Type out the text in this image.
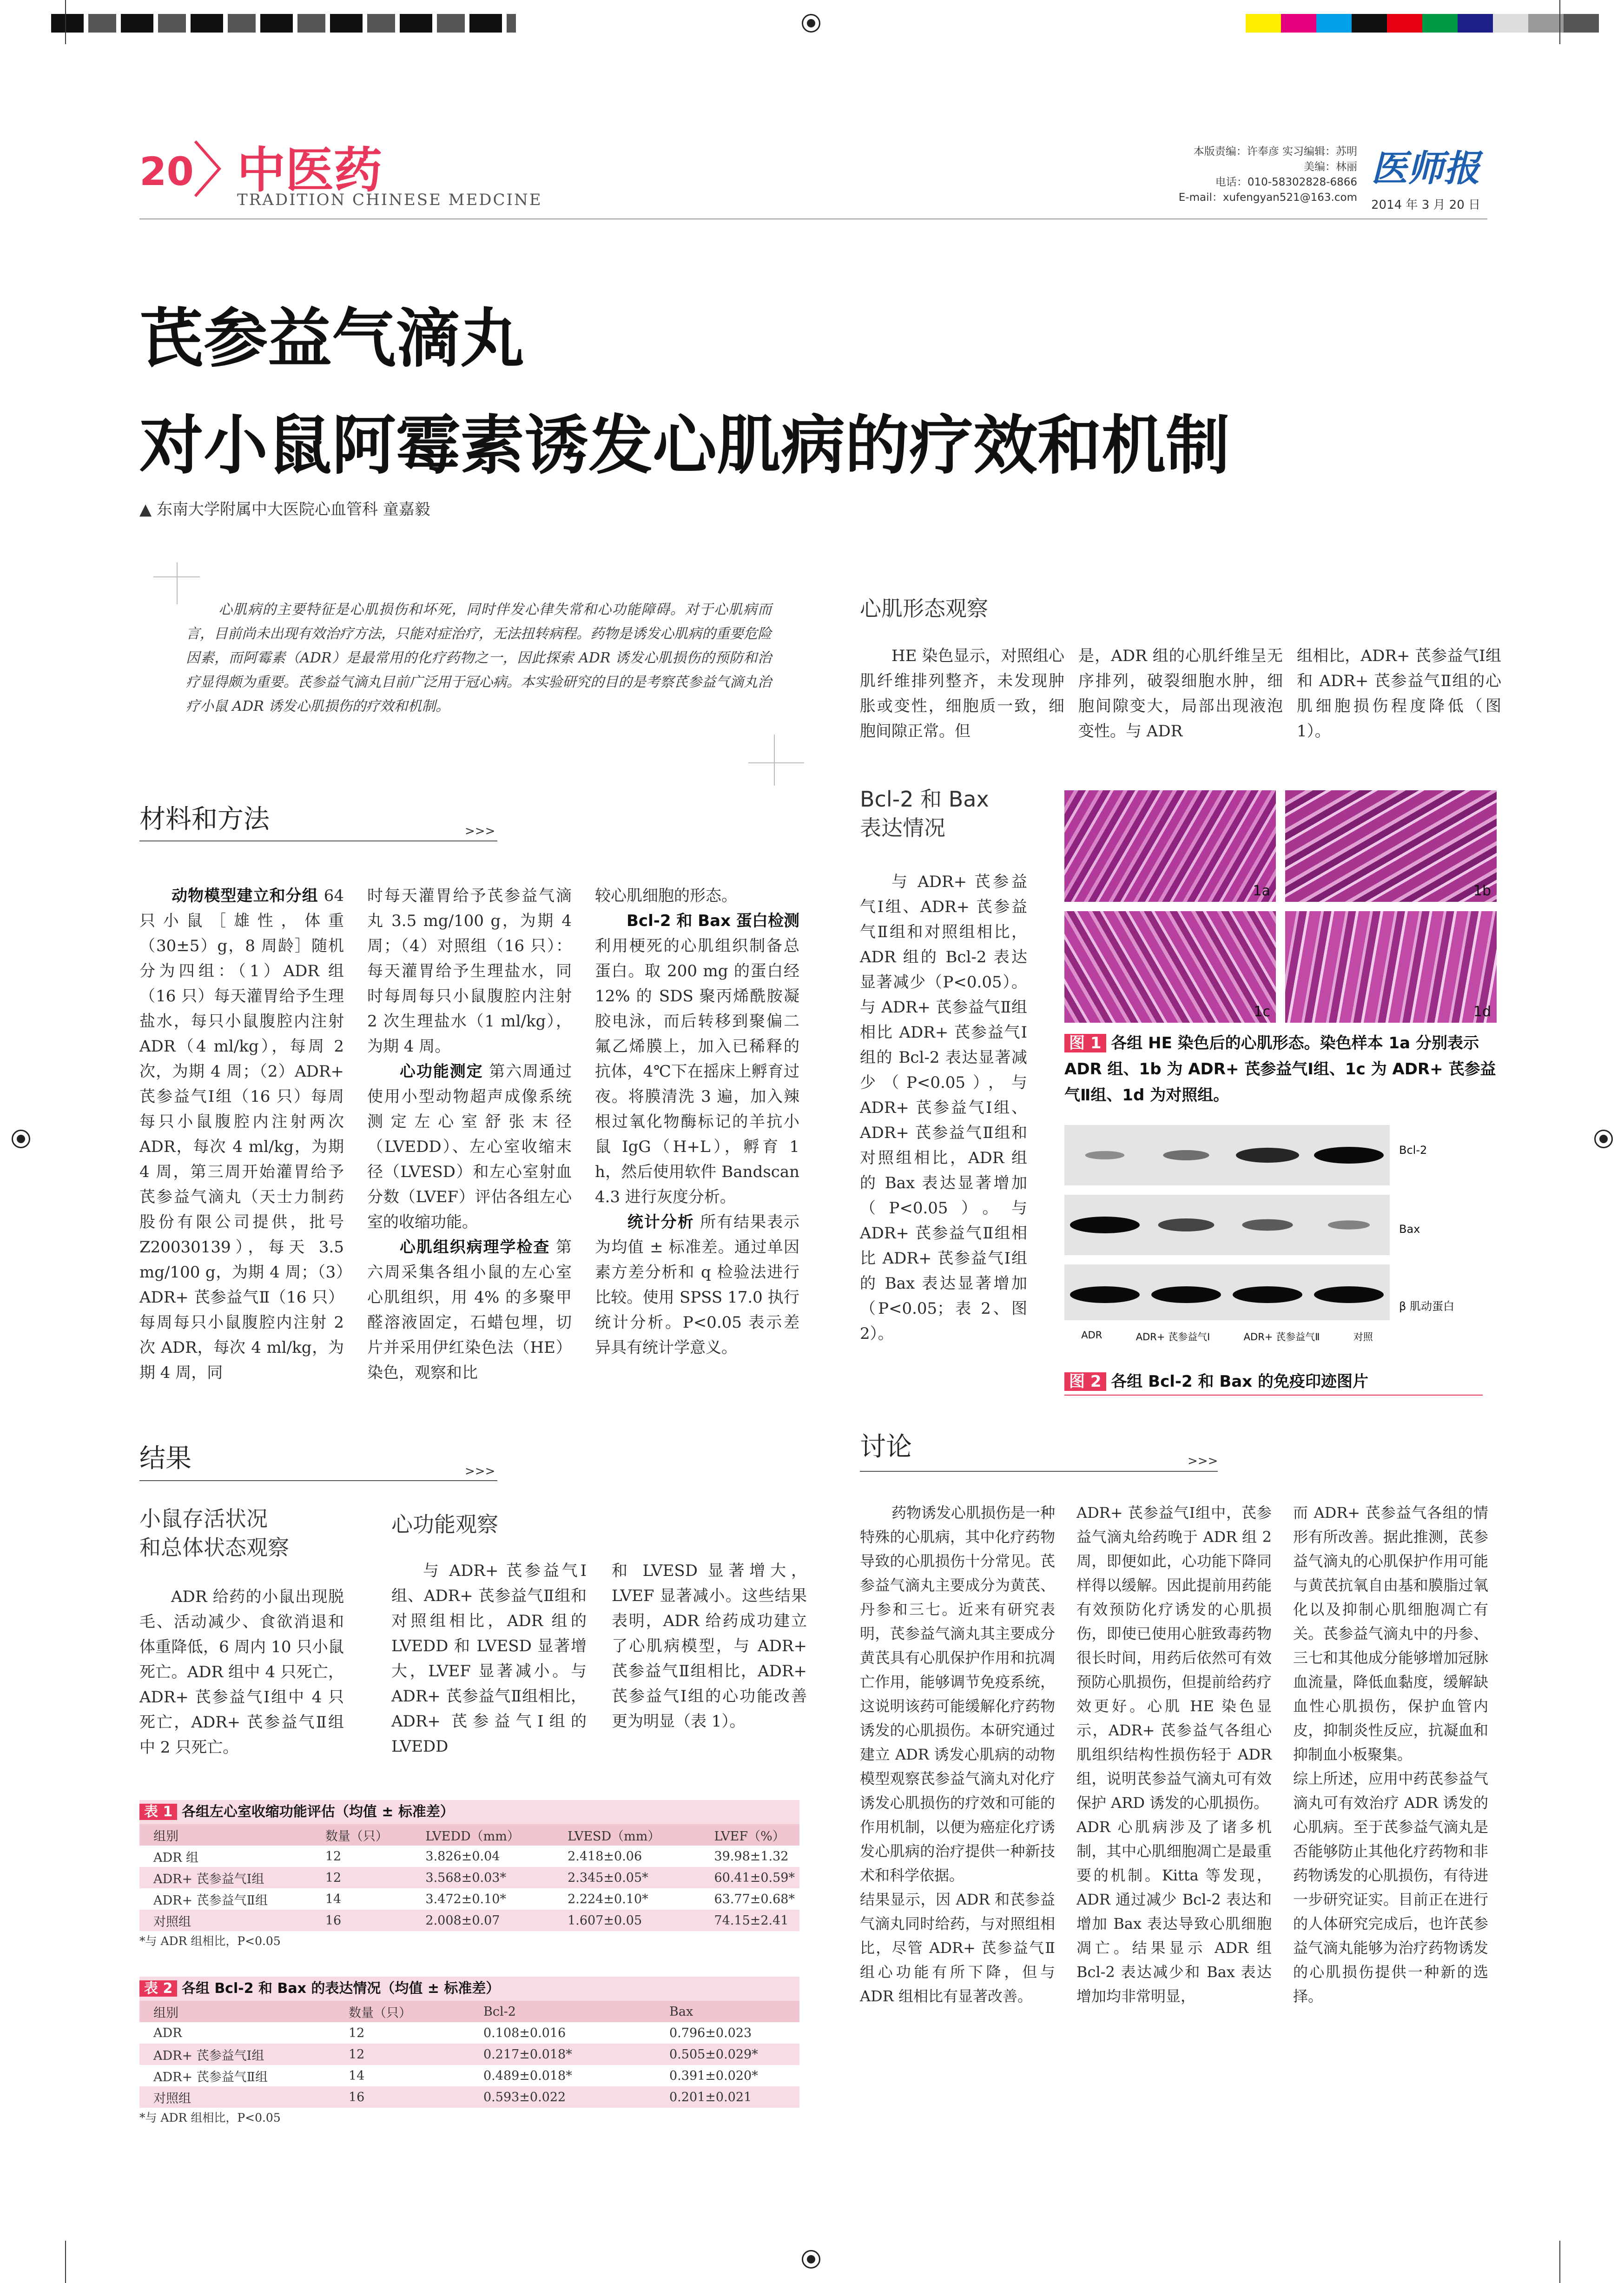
20 中医药
TRADITION CHINESE MEDCINE
本版责编：许奉彦 实习编辑：苏明
美编：林丽
电话：010-58302828-6866
E-mail：xufengyan521@163.com
医师报
2014 年 3 月 20 日
芪参益气滴丸
对小鼠阿霉素诱发心肌病的疗效和机制
▲ 东南大学附属中大医院心血管科 童嘉毅
心肌病的主要特征是心肌损伤和坏死，同时伴发心律失常和心功能障碍。对于心肌病而言，目前尚未出现有效治疗方法，只能对症治疗，无法扭转病程。药物是诱发心肌病的重要危险因素，而阿霉素（ADR）是最常用的化疗药物之一，因此探索 ADR 诱发心肌损伤的预防和治疗显得颇为重要。芪参益气滴丸目前广泛用于冠心病。本实验研究的目的是考察芪参益气滴丸治疗小鼠 ADR 诱发心肌损伤的疗效和机制。
材料和方法	>>>
动物模型建立和分组 64 只小鼠［雄性，体重（30±5）g，8 周龄］随机分为四组：（1）ADR 组（16 只）每天灌胃给予生理盐水，每只小鼠腹腔内注射 ADR（4 ml/kg），每周 2 次，为期 4 周；（2）ADR+ 芪参益气Ⅰ组（16 只）每周每只小鼠腹腔内注射两次 ADR，每次 4 ml/kg，为期 4 周，第三周开始灌胃给予芪参益气滴丸（天士力制药股份有限公司提供，批号 Z20030139），每天 3.5 mg/100 g，为期 4 周；（3）ADR+ 芪参益气Ⅱ（16 只）每周每只小鼠腹腔内注射 2 次 ADR，每次 4 ml/kg，为期 4 周，同
时每天灌胃给予芪参益气滴丸 3.5 mg/100 g，为期 4 周；（4）对照组（16 只）：每天灌胃给予生理盐水，同时每周每只小鼠腹腔内注射 2 次生理盐水（1 ml/kg），为期 4 周。
心功能测定 第六周通过使用小型动物超声成像系统测定左心室舒张末径（LVEDD）、左心室收缩末径（LVESD）和左心室射血分数（LVEF）评估各组左心室的收缩功能。
心肌组织病理学检查 第六周采集各组小鼠的左心室心肌组织，用 4% 的多聚甲醛溶液固定，石蜡包埋，切片并采用伊红染色法（HE）染色，观察和比
较心肌细胞的形态。
Bcl-2 和 Bax 蛋白检测 利用梗死的心肌组织制备总蛋白。取 200 mg 的蛋白经 12% 的 SDS 聚丙烯酰胺凝胶电泳，而后转移到聚偏二氟乙烯膜上，加入已稀释的抗体，4℃下在摇床上孵育过夜。将膜清洗 3 遍，加入辣根过氧化物酶标记的羊抗小鼠 IgG（H+L），孵育 1 h，然后使用软件 Bandscan 4.3 进行灰度分析。
统计分析 所有结果表示为均值 ± 标准差。通过单因素方差分析和 q 检验法进行比较。使用 SPSS 17.0 执行统计分析。P<0.05 表示差异具有统计学意义。
心肌形态观察
HE 染色显示，对照组心肌纤维排列整齐，未发现肿胀或变性，细胞质一致，细胞间隙正常。但
是，ADR 组的心肌纤维呈无序排列，破裂细胞水肿，细胞间隙变大，局部出现液泡变性。与 ADR
组相比，ADR+ 芪参益气Ⅰ组和 ADR+ 芪参益气Ⅱ组的心肌细胞损伤程度降低（图 1）。
Bcl-2 和 Bax
表达情况
与 ADR+ 芪参益气Ⅰ组、ADR+ 芪参益气Ⅱ组和对照组相比，ADR 组的 Bcl-2 表达显著减少（P<0.05）。与 ADR+ 芪参益气Ⅱ组相比 ADR+ 芪参益气Ⅰ组的 Bcl-2 表达显著减少（P<0.05），与 ADR+ 芪参益气Ⅰ组、ADR+ 芪参益气Ⅱ组和对照组相比，ADR 组的 Bax 表达显著增加（P<0.05）。与 ADR+ 芪参益气Ⅱ组相比 ADR+ 芪参益气Ⅰ组的 Bax 表达显著增加（P<0.05；表 2、图 2）。
1a	1b
1c	1d
图 1 各组 HE 染色后的心肌形态。染色样本 1a 分别表示 ADR 组、1b 为 ADR+ 芪参益气Ⅰ组、1c 为 ADR+ 芪参益气Ⅱ组、1d 为对照组。
Bcl-2
Bax
β 肌动蛋白
ADR	ADR+ 芪参益气Ⅰ	ADR+ 芪参益气Ⅱ	对照
图 2 各组 Bcl-2 和 Bax 的免疫印迹图片
结果	>>>
小鼠存活状况
和总体状态观察
ADR 给药的小鼠出现脱毛、活动减少、食欲消退和体重降低，6 周内 10 只小鼠死亡。ADR 组中 4 只死亡，ADR+ 芪参益气Ⅰ组中 4 只死亡，ADR+ 芪参益气Ⅱ组中 2 只死亡。
心功能观察
与 ADR+ 芪参益气Ⅰ组、ADR+ 芪参益气Ⅱ组和对照组相比，ADR 组的 LVEDD 和 LVESD 显著增大，LVEF 显著减小。与 ADR+ 芪参益气Ⅱ组相比，ADR+ 芪参益气Ⅰ组的 LVEDD
和 LVESD 显著增大，LVEF 显著减小。这些结果表明，ADR 给药成功建立了心肌病模型，与 ADR+ 芪参益气Ⅱ组相比，ADR+ 芪参益气Ⅰ组的心功能改善更为明显（表 1）。
表 1 各组左心室收缩功能评估（均值 ± 标准差）
组别	数量（只）	LVEDD（mm）	LVESD（mm）	LVEF（%）
ADR 组	12	3.826±0.04	2.418±0.06	39.98±1.32
ADR+ 芪参益气Ⅰ组	12	3.568±0.03*	2.345±0.05*	60.41±0.59*
ADR+ 芪参益气Ⅱ组	14	3.472±0.10*	2.224±0.10*	63.77±0.68*
对照组	16	2.008±0.07	1.607±0.05	74.15±2.41
*与 ADR 组相比，P<0.05
表 2 各组 Bcl-2 和 Bax 的表达情况（均值 ± 标准差）
组别	数量（只）	Bcl-2	Bax
ADR	12	0.108±0.016	0.796±0.023
ADR+ 芪参益气Ⅰ组	12	0.217±0.018*	0.505±0.029*
ADR+ 芪参益气Ⅱ组	14	0.489±0.018*	0.391±0.020*
对照组	16	0.593±0.022	0.201±0.021
*与 ADR 组相比，P<0.05
讨论	>>>
药物诱发心肌损伤是一种特殊的心肌病，其中化疗药物导致的心肌损伤十分常见。芪参益气滴丸主要成分为黄芪、丹参和三七。近来有研究表明，芪参益气滴丸其主要成分黄芪具有心肌保护作用和抗凋亡作用，能够调节免疫系统，这说明该药可能缓解化疗药物诱发的心肌损伤。本研究通过建立 ADR 诱发心肌病的动物模型观察芪参益气滴丸对化疗诱发心肌损伤的疗效和可能的作用机制，以便为癌症化疗诱发心肌病的治疗提供一种新技术和科学依据。
结果显示，因 ADR 和芪参益气滴丸同时给药，与对照组相比，尽管 ADR+ 芪参益气Ⅱ组心功能有所下降，但与 ADR 组相比有显著改善。
ADR+ 芪参益气Ⅰ组中，芪参益气滴丸给药晚于 ADR 组 2 周，即便如此，心功能下降同样得以缓解。因此提前用药能有效预防化疗诱发的心肌损伤，即使已使用心脏致毒药物很长时间，用药后依然可有效预防心肌损伤，但提前给药疗效更好。心肌 HE 染色显示，ADR+ 芪参益气各组心肌组织结构性损伤轻于 ADR 组，说明芪参益气滴丸可有效保护 ARD 诱发的心肌损伤。
ADR 心肌病涉及了诸多机制，其中心肌细胞凋亡是最重要的机制。Kitta 等发现，ADR 通过减少 Bcl-2 表达和增加 Bax 表达导致心肌细胞凋亡。结果显示 ADR 组 Bcl-2 表达减少和 Bax 表达增加均非常明显，
而 ADR+ 芪参益气各组的情形有所改善。据此推测，芪参益气滴丸的心肌保护作用可能与黄芪抗氧自由基和膜脂过氧化以及抑制心肌细胞凋亡有关。芪参益气滴丸中的丹参、三七和其他成分能够增加冠脉血流量，降低血黏度，缓解缺血性心肌损伤，保护血管内皮，抑制炎性反应，抗凝血和抑制血小板聚集。
综上所述，应用中药芪参益气滴丸可有效治疗 ADR 诱发的心肌病。至于芪参益气滴丸是否能够防止其他化疗药物和非药物诱发的心肌损伤，有待进一步研究证实。目前正在进行的人体研究完成后，也许芪参益气滴丸能够为治疗药物诱发的心肌损伤提供一种新的选择。
